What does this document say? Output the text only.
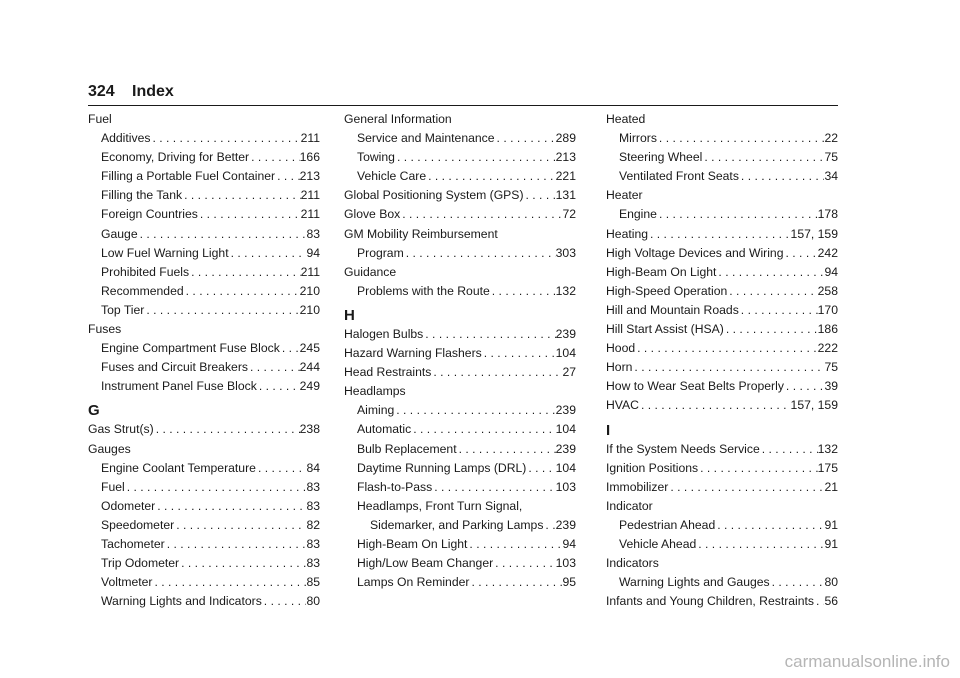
324 Index
Fuel
Additives . . .	211
Economy, Driving for Better . . .	166
Filling a Portable Fuel Container . . . 213
Filling the Tank . . .	211
Foreign Countries . . .	211
Gauge . . .	83
Low Fuel Warning Light . . .	94
Prohibited Fuels . . .	211
Recommended . . .	210
Top Tier . . .	210
Fuses
Engine Compartment Fuse Block . . . 245
Fuses and Circuit Breakers . . .	244
Instrument Panel Fuse Block . . .	249
G
Gas Strut(s) . . .	238
Gauges
Engine Coolant Temperature . . .	84
Fuel . . .	83
Odometer . . .	83
Speedometer . . .	82
Tachometer . . .	83
Trip Odometer . . .	83
Voltmeter . . .	85
Warning Lights and Indicators . . .	80
General Information
Service and Maintenance . . .	289
Towing . . .	213
Vehicle Care . . .	221
Global Positioning System (GPS) . . .	131
Glove Box . . .	72
GM Mobility Reimbursement
Program . . .	303
Guidance
Problems with the Route . . .	132
H
Halogen Bulbs . . .	239
Hazard Warning Flashers . . .	104
Head Restraints . . .	27
Headlamps
Aiming . . .	239
Automatic . . .	104
Bulb Replacement . . .	239
Daytime Running Lamps (DRL) . . . 104
Flash-to-Pass . . .	103
Headlamps, Front Turn Signal,
Sidemarker, and Parking Lamps . . . 239
High-Beam On Light . . .	94
High/Low Beam Changer . . .	103
Lamps On Reminder . . .	95
Heated
Mirrors . . .	22
Steering Wheel . . .	75
Ventilated Front Seats . . .	34
Heater
Engine . . .	178
Heating . . .	157, 159
High Voltage Devices and Wiring . . .	242
High-Beam On Light . . .	94
High-Speed Operation . . .	258
Hill and Mountain Roads . . .	170
Hill Start Assist (HSA) . . .	186
Hood . . .	222
Horn . . .	75
How to Wear Seat Belts Properly . . .	39
HVAC . . .	157, 159
I
If the System Needs Service . . .	132
Ignition Positions . . .	175
Immobilizer . . .	21
Indicator
Pedestrian Ahead . . .	91
Vehicle Ahead . . .	91
Indicators
Warning Lights and Gauges . . .	80
Infants and Young Children, Restraints . . . 56
carmanualsonline.info
